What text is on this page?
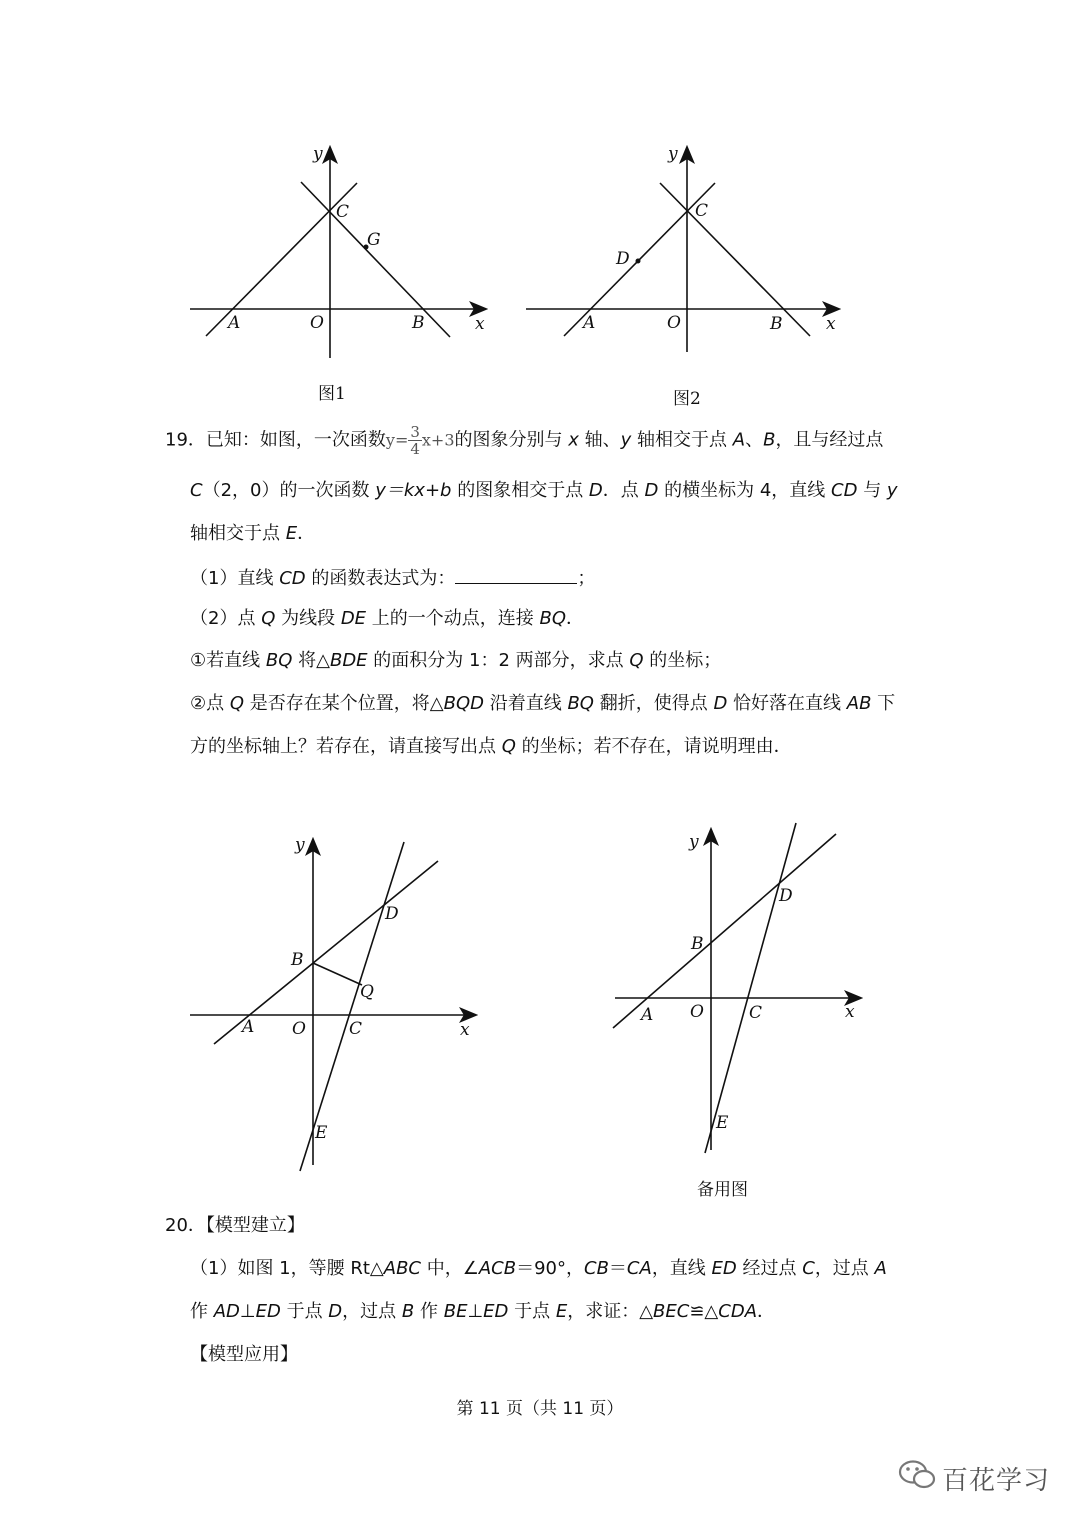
y
C
G
A	O	B	x
图1
y
C
D
A	O	B	x
图2
19．已知：如图，一次函数$y= \frac{3}{4} x+3$的图象分别与 x 轴、y 轴相交于点 A、B，且与经过点
C（2，0）的一次函数 y＝kx+b 的图象相交于点 D．点 D 的横坐标为 4，直线 CD 与 y
轴相交于点 E．
（1）直线 CD 的函数表达式为：	；
（2）点 Q 为线段 DE 上的一个动点，连接 BQ．
①若直线 BQ 将△BDE 的面积分为 1：2 两部分，求点 Q 的坐标；
②点 Q 是否存在某个位置，将△BQD 沿着直线 BQ 翻折，使得点 D 恰好落在直线 AB 下
方的坐标轴上？若存在，请直接写出点 Q 的坐标；若不存在，请说明理由．
y
D
B
Q
A O	C	x
E
y
D
B
A O	C	x
E
备用图
20．【模型建立】
（1）如图 1，等腰 Rt△ABC 中，∠ACB＝90°，CB＝CA，直线 ED 经过点 C，过点 A
作 AD⊥ED 于点 D，过点 B 作 BE⊥ED 于点 E，求证：△BEC≌△CDA．
【模型应用】
第 11 页（共 11 页）
百花学习
